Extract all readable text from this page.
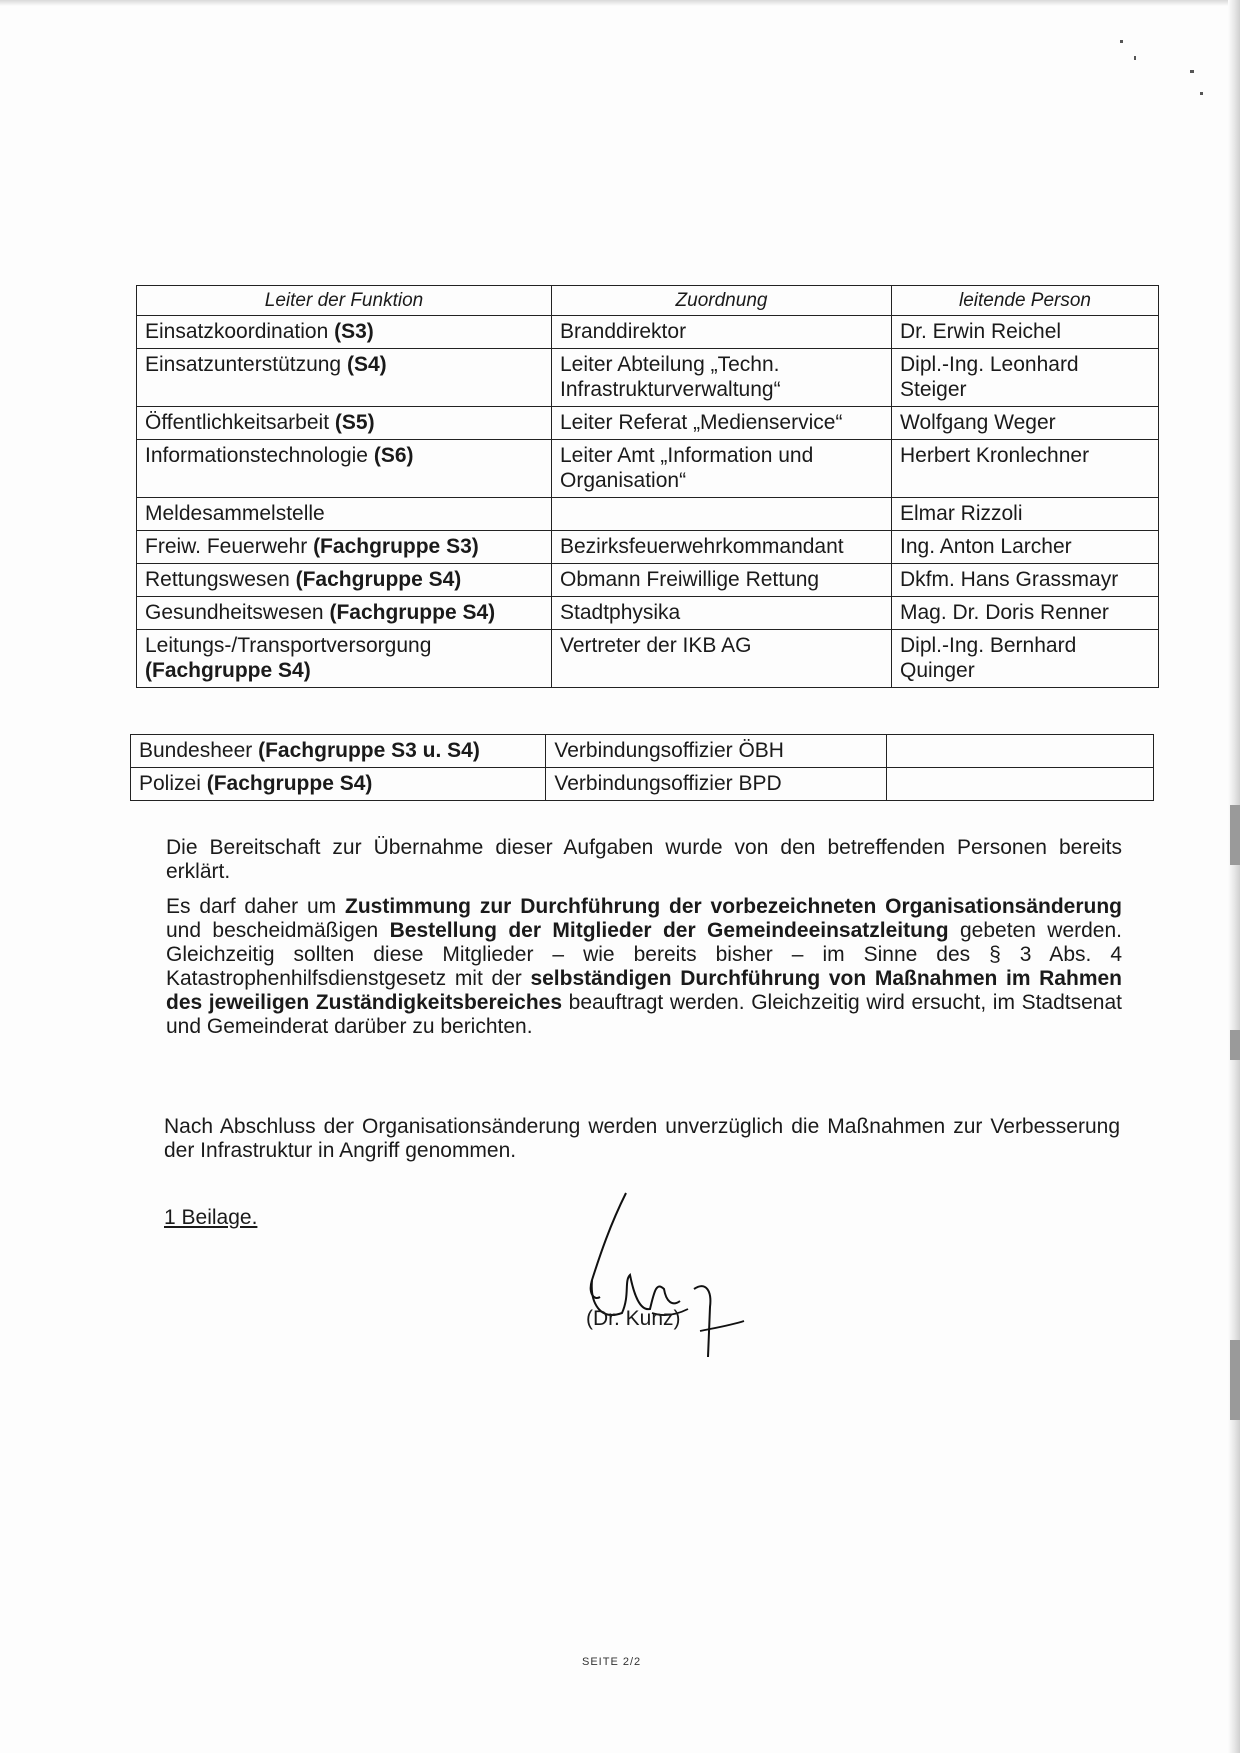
Leiter der Funktion	Zuordnung	leitende Person
Einsatzkoordination (S3)	Branddirektor	Dr. Erwin Reichel
Einsatzunterstützung (S4)	Leiter Abteilung „Techn. Infrastrukturverwaltung“	Dipl.-Ing. Leonhard Steiger
Öffentlichkeitsarbeit (S5)	Leiter Referat „Medienservice“	Wolfgang Weger
Informationstechnologie (S6)	Leiter Amt „Information und Organisation“	Herbert Kronlechner
Meldesammelstelle		Elmar Rizzoli
Freiw. Feuerwehr (Fachgruppe S3)	Bezirksfeuerwehrkommandant	Ing. Anton Larcher
Rettungswesen (Fachgruppe S4)	Obmann Freiwillige Rettung	Dkfm. Hans Grassmayr
Gesundheitswesen (Fachgruppe S4)	Stadtphysika	Mag. Dr. Doris Renner
Leitungs-/Transportversorgung (Fachgruppe S4)	Vertreter der IKB AG	Dipl.-Ing. Bernhard Quinger
Bundesheer (Fachgruppe S3 u. S4)	Verbindungsoffizier ÖBH	
Polizei (Fachgruppe S4)	Verbindungsoffizier BPD	

Die Bereitschaft zur Übernahme dieser Aufgaben wurde von den betreffenden Personen bereits erklärt.

Es darf daher um Zustimmung zur Durchführung der vorbezeichneten Organisationsänderung und bescheidmäßigen Bestellung der Mitglieder der Gemeindeeinsatzleitung gebeten werden. Gleichzeitig sollten diese Mitglieder – wie bereits bisher – im Sinne des § 3 Abs. 4 Katastrophenhilfsdienstgesetz mit der selbständigen Durchführung von Maßnahmen im Rahmen des jeweiligen Zuständigkeitsbereiches beauftragt werden. Gleichzeitig wird ersucht, im Stadtsenat und Gemeinderat darüber zu berichten.

Nach Abschluss der Organisationsänderung werden unverzüglich die Maßnahmen zur Verbesserung der Infrastruktur in Angriff genommen.

1 Beilage.
(Dr. Kunz)
SEITE 2/2
